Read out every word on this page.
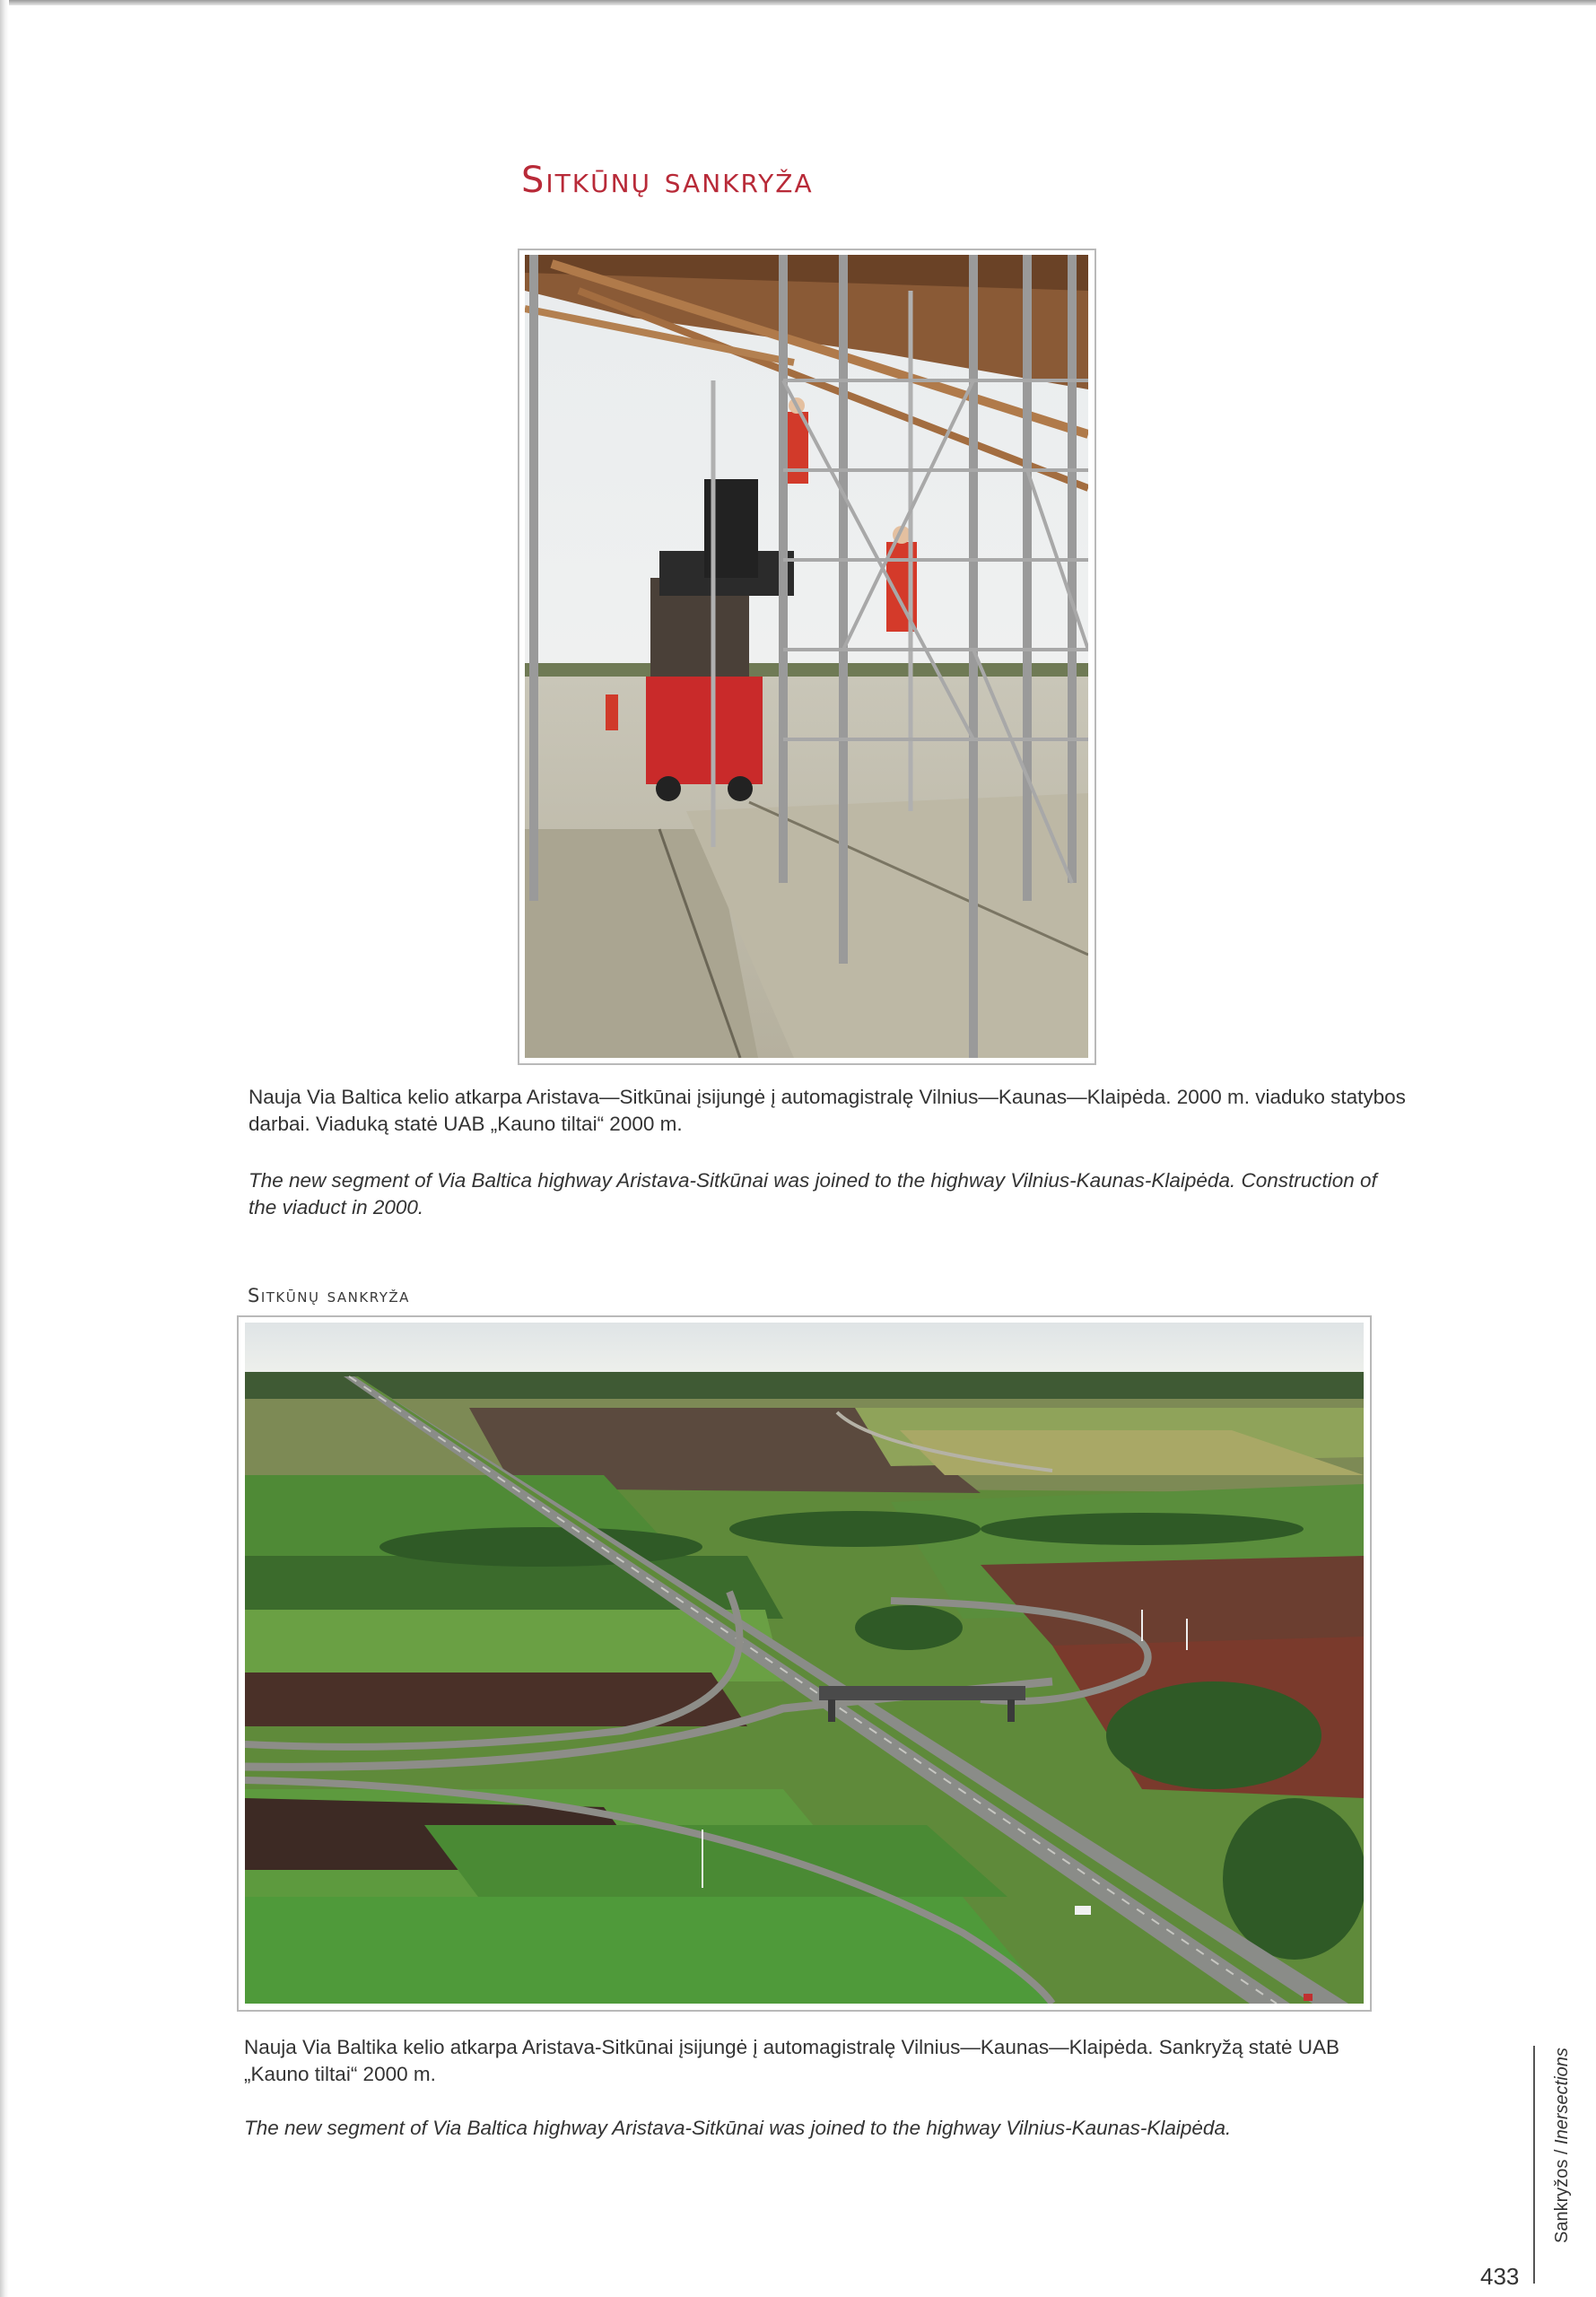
Sitkūnų sankryža
Nauja Via Baltica kelio atkarpa Aristava—Sitkūnai įsijungė į automagistralę Vilnius—Kaunas—Klaipėda. 2000 m. viaduko statybos darbai. Viaduką statė UAB „Kauno tiltai“ 2000 m.
The new segment of Via Baltica highway Aristava-Sitkūnai was joined to the highway Vilnius-Kaunas-Klaipėda. Construction of the viaduct in 2000.
Sitkūnų sankryža
Nauja Via Baltika kelio atkarpa Aristava-Sitkūnai įsijungė į automagistralę Vilnius—Kaunas—Klaipėda. Sankryžą statė UAB „Kauno tiltai“ 2000 m.
The new segment of Via Baltica highway Aristava-Sitkūnai was joined to the highway Vilnius-Kaunas-Klaipėda.
Sankryžos / Inersections
433
